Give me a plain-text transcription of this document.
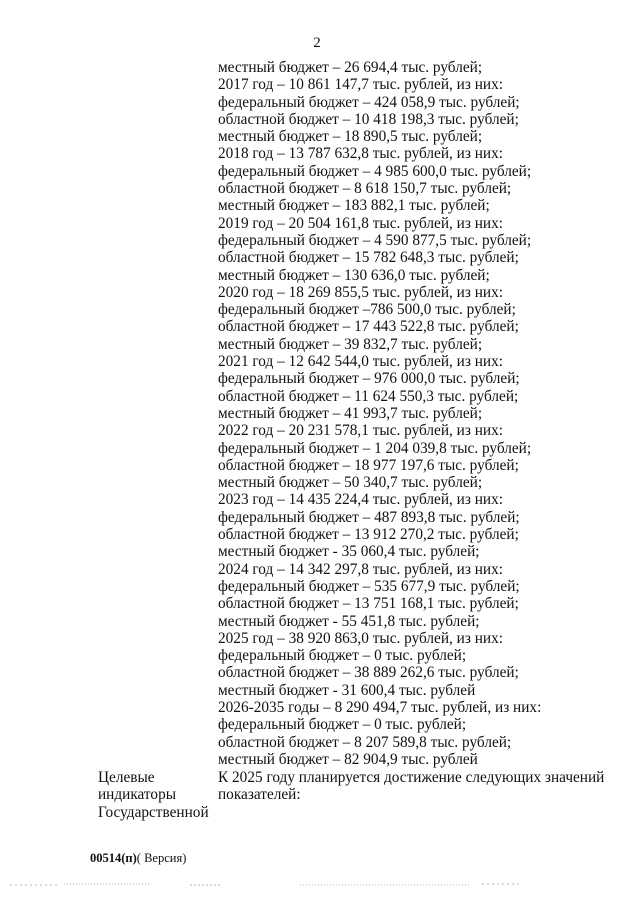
2
местный бюджет – 26 694,4 тыс. рублей;
2017 год – 10 861 147,7 тыс. рублей, из них:
федеральный бюджет – 424 058,9 тыс. рублей;
областной бюджет – 10 418 198,3 тыс. рублей;
местный бюджет – 18 890,5 тыс. рублей;
2018 год – 13 787 632,8 тыс. рублей, из них:
федеральный бюджет – 4 985 600,0 тыс. рублей;
областной бюджет – 8 618 150,7 тыс. рублей;
местный бюджет – 183 882,1 тыс. рублей;
2019 год – 20 504 161,8 тыс. рублей, из них:
федеральный бюджет – 4 590 877,5 тыс. рублей;
областной бюджет – 15 782 648,3 тыс. рублей;
местный бюджет – 130 636,0 тыс. рублей;
2020 год – 18 269 855,5 тыс. рублей, из них:
федеральный бюджет –786 500,0 тыс. рублей;
областной бюджет – 17 443 522,8 тыс. рублей;
местный бюджет – 39 832,7 тыс. рублей;
2021 год – 12 642 544,0 тыс. рублей, из них:
федеральный бюджет – 976 000,0 тыс. рублей;
областной бюджет – 11 624 550,3 тыс. рублей;
местный бюджет – 41 993,7 тыс. рублей;
2022 год – 20 231 578,1 тыс. рублей, из них:
федеральный бюджет – 1 204 039,8 тыс. рублей;
областной бюджет – 18 977 197,6 тыс. рублей;
местный бюджет – 50 340,7 тыс. рублей;
2023 год – 14 435 224,4 тыс. рублей, из них:
федеральный бюджет – 487 893,8 тыс. рублей;
областной бюджет – 13 912 270,2 тыс. рублей;
местный бюджет - 35 060,4 тыс. рублей;
2024 год – 14 342 297,8 тыс. рублей, из них:
федеральный бюджет – 535 677,9 тыс. рублей;
областной бюджет – 13 751 168,1 тыс. рублей;
местный бюджет - 55 451,8 тыс. рублей;
2025 год – 38 920 863,0 тыс. рублей, из них:
федеральный бюджет – 0 тыс. рублей;
областной бюджет – 38 889 262,6 тыс. рублей;
местный бюджет - 31 600,4 тыс. рублей
2026-2035 годы – 8 290 494,7 тыс. рублей, из них:
федеральный бюджет – 0 тыс. рублей;
областной бюджет – 8 207 589,8 тыс. рублей;
местный бюджет – 82 904,9 тыс. рублей
Целевые
индикаторы
Государственной
К 2025 году планируется достижение следующих значений
показателей:
00514(п)( Версия)
